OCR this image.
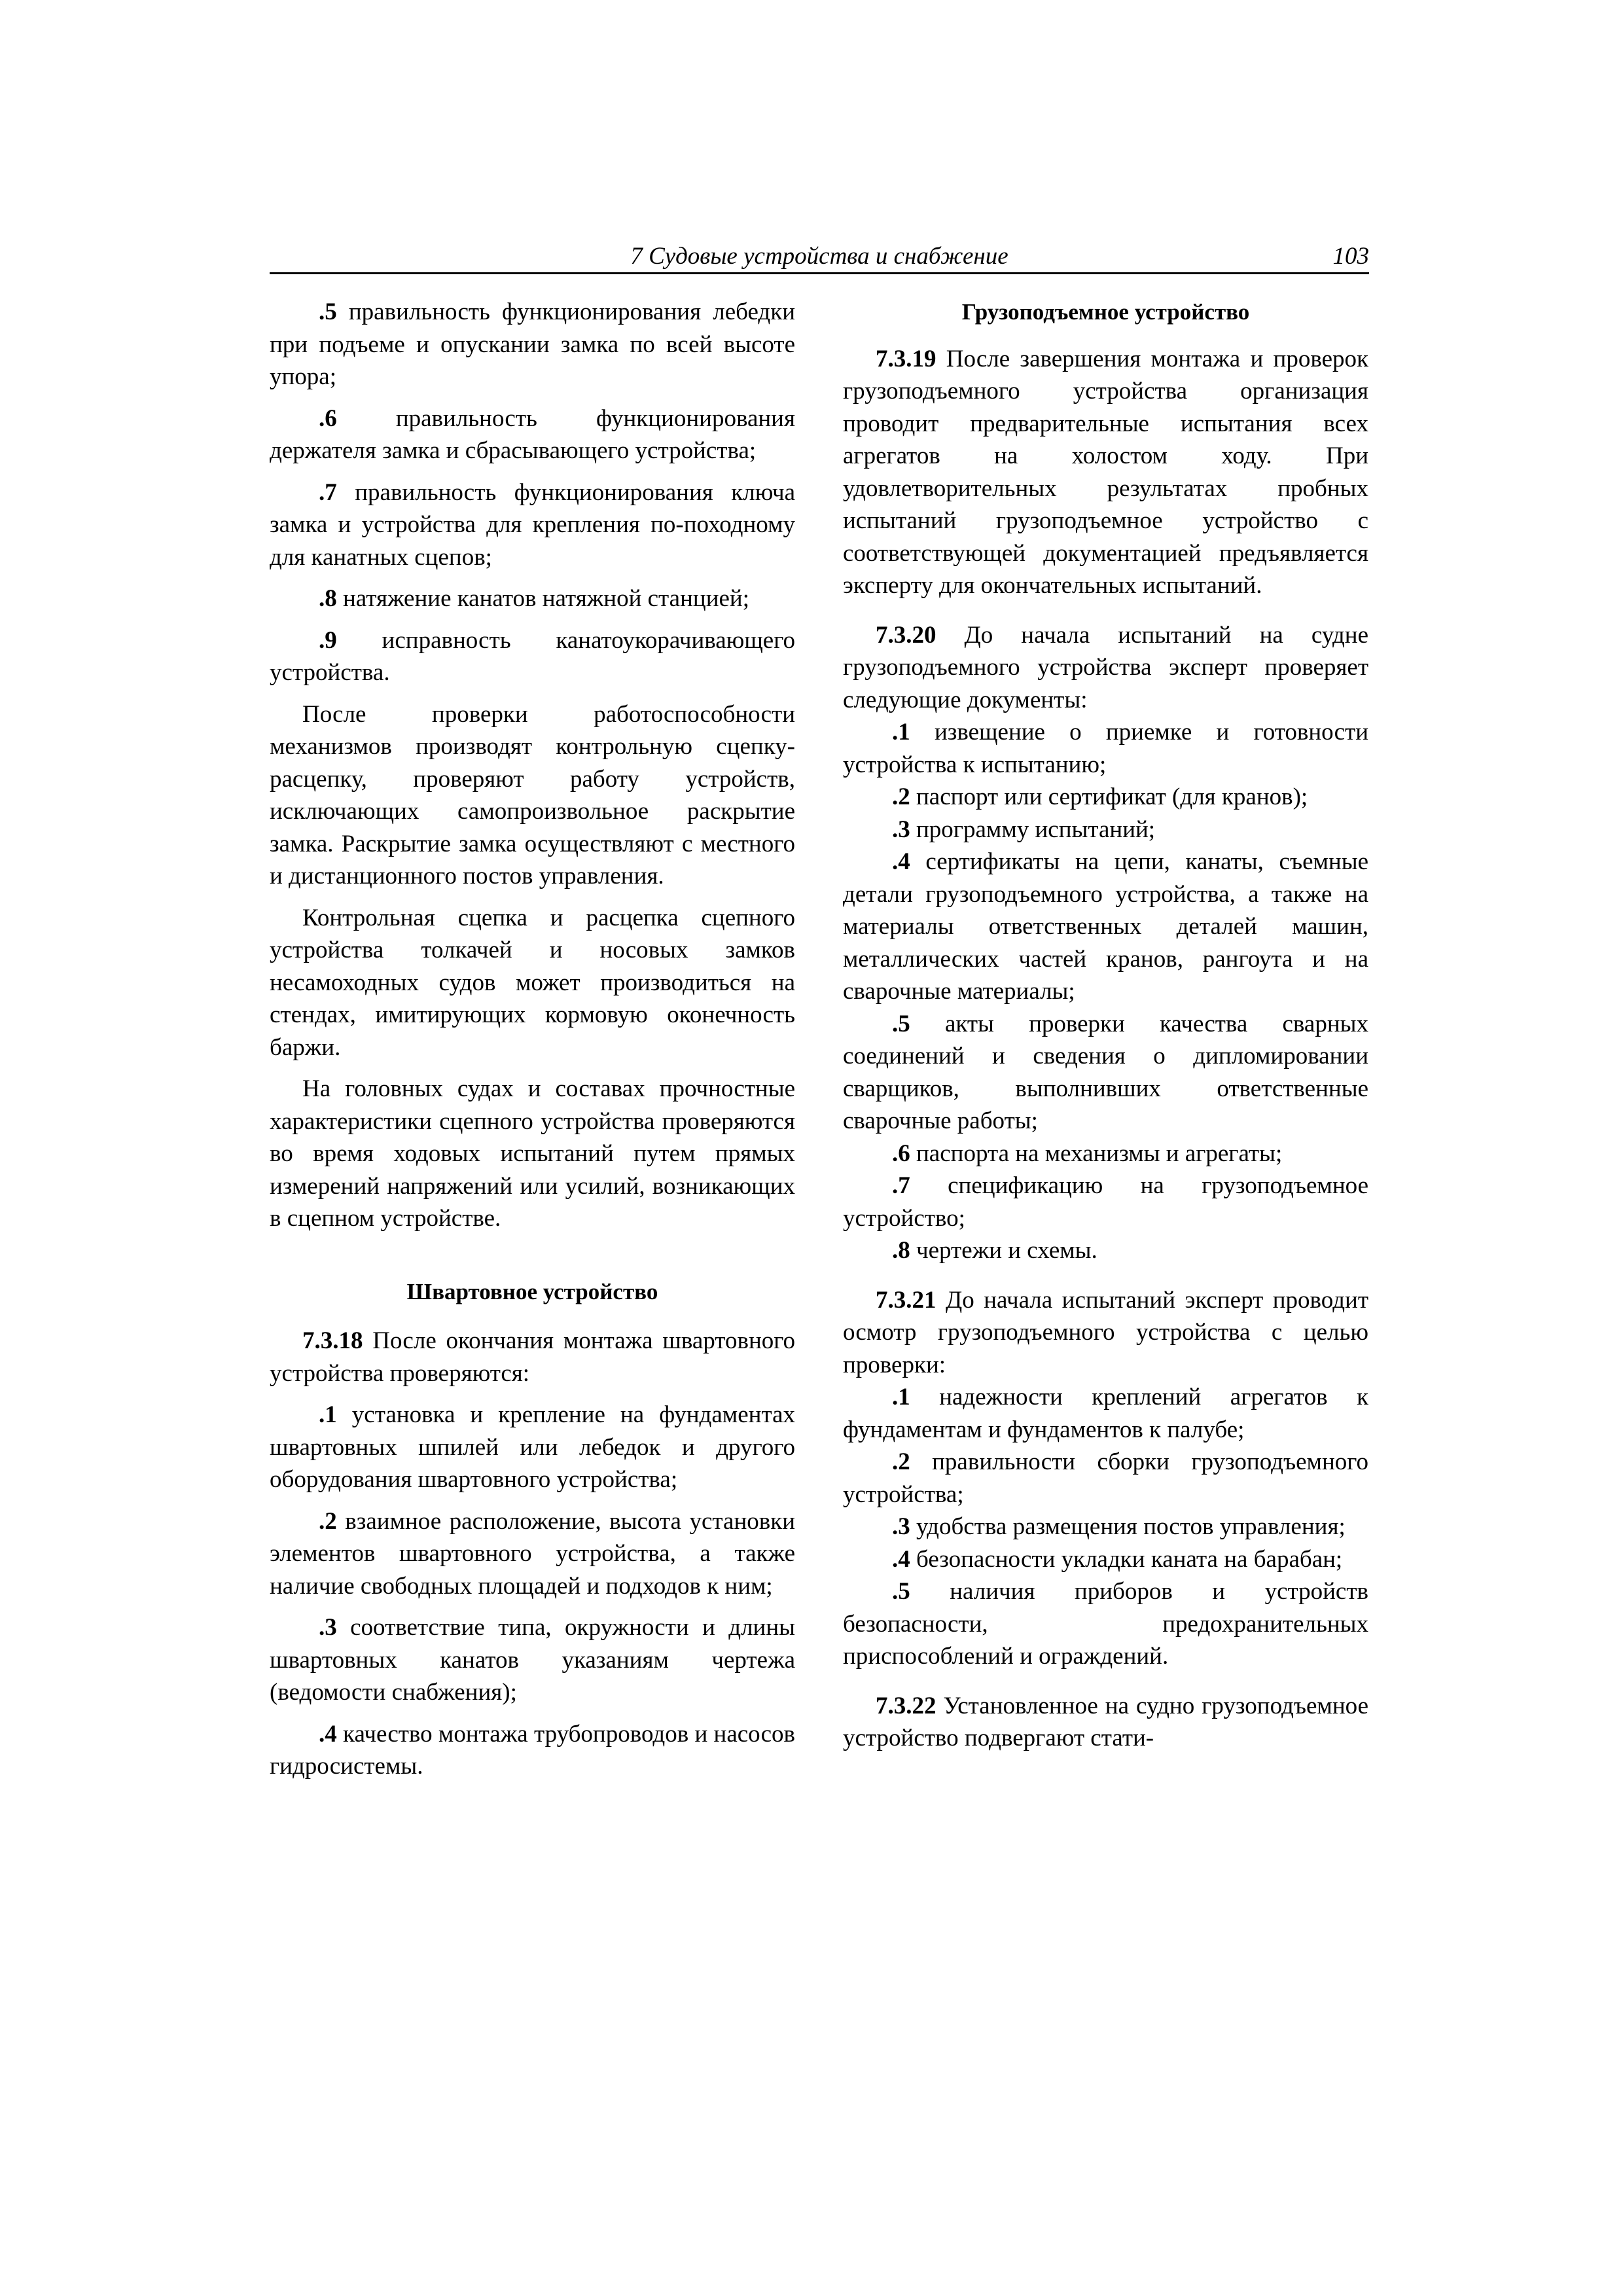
7 Судовые устройства и снабжение	103

.5 правильность функционирования лебедки при подъеме и опускании замка по всей высоте упора;

.6 правильность функционирования держателя замка и сбрасывающего устройства;

.7 правильность функционирования ключа замка и устройства для крепления по-походному для канатных сцепов;

.8 натяжение канатов натяжной станцией;

.9 исправность канатоукорачивающего устройства.

После проверки работоспособности механизмов производят контрольную сцепку-расцепку, проверяют работу устройств, исключающих самопроизвольное раскрытие замка. Раскрытие замка осуществляют с местного и дистанционного постов управления.

Контрольная сцепка и расцепка сцепного устройства толкачей и носовых замков несамоходных судов может производиться на стендах, имитирующих кормовую оконечность баржи.

На головных судах и составах прочностные характеристики сцепного устройства проверяются во время ходовых испытаний путем прямых измерений напряжений или усилий, возникающих в сцепном устройстве.

Швартовное устройство

7.3.18 После окончания монтажа швартовного устройства проверяются:

.1 установка и крепление на фундаментах швартовных шпилей или лебедок и другого оборудования швартовного устройства;

.2 взаимное расположение, высота установки элементов швартовного устройства, а также наличие свободных площадей и подходов к ним;

.3 соответствие типа, окружности и длины швартовных канатов указаниям чертежа (ведомости снабжения);

.4 качество монтажа трубопроводов и насосов гидросистемы.

Грузоподъемное устройство

7.3.19 После завершения монтажа и проверок грузоподъемного устройства организация проводит предварительные испытания всех агрегатов на холостом ходу. При удовлетворительных результатах пробных испытаний грузоподъемное устройство с соответствующей документацией предъявляется эксперту для окончательных испытаний.

7.3.20 До начала испытаний на судне грузоподъемного устройства эксперт проверяет следующие документы:

.1 извещение о приемке и готовности устройства к испытанию;

.2 паспорт или сертификат (для кранов);

.3 программу испытаний;

.4 сертификаты на цепи, канаты, съемные детали грузоподъемного устройства, а также на материалы ответственных деталей машин, металлических частей кранов, рангоута и на сварочные материалы;

.5 акты проверки качества сварных соединений и сведения о дипломировании сварщиков, выполнивших ответственные сварочные работы;

.6 паспорта на механизмы и агрегаты;

.7 спецификацию на грузоподъемное устройство;

.8 чертежи и схемы.

7.3.21 До начала испытаний эксперт проводит осмотр грузоподъемного устройства с целью проверки:

.1 надежности креплений агрегатов к фундаментам и фундаментов к палубе;

.2 правильности сборки грузоподъемного устройства;

.3 удобства размещения постов управления;

.4 безопасности укладки каната на барабан;

.5 наличия приборов и устройств безопасности, предохранительных приспособлений и ограждений.

7.3.22 Установленное на судно грузоподъемное устройство подвергают стати-
